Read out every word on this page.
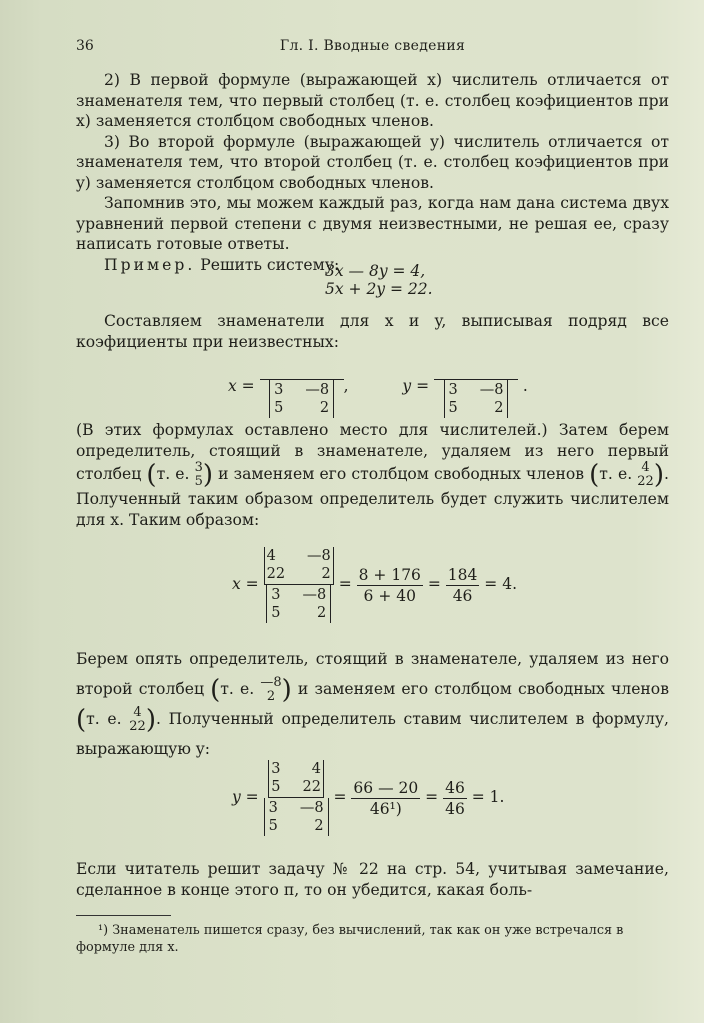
36	Гл. I. Вводные сведения

2) В первой формуле (выражающей x) числитель отличается от знаменателя тем, что первый столбец (т. е. столбец коэфициентов при x) заменяется столбцом свободных членов.

3) Во второй формуле (выражающей y) числитель отличается от знаменателя тем, что второй столбец (т. е. столбец коэфициентов при y) заменяется столбцом свободных членов.

Запомнив это, мы можем каждый раз, когда нам дана система двух уравнений первой степени с двумя неизвестными, не решая ее, сразу написать готовые ответы.

Пример. Решить систему:

3x — 8y = 4,
5x + 2y = 22.

Составляем знаменатели для x и y, выписывая подряд все коэфициенты при неизвестных:

x = 3 —8
5	2
,	y = 3 —8
5	2
.

(В этих формулах оставлено место для числителей.) Затем берем определитель, стоящий в знаменателе, удаляем из него первый столбец (т. е. 3
5 ) и заменяем его столбцом свободных членов (т. е. 4
22 ). Полученный таким образом определитель будет служить числителем для x. Таким образом:

x = 4	—8
22	2
3 —8
5	$2 = \frac{8 + 176}{6 + 40} = \frac{184}{46} = 4$.

Берем опять определитель, стоящий в знаменателе, удаляем из него второй столбец (т. е. —8
2 ) и заменяем его столбцом свободных членов (т. е. 4
22 ). Полученный определитель ставим числителем в формулу, выражающую y:

y = 3	4
5 22
3 —8
5	$2 = \frac{66 — 20}{\text{46¹)}} = \frac{46}{46} = 1$.

Если читатель решит задачу № 22 на стр. 54, учитывая замечание, сделанное в конце этого п, то он убедится, какая боль-

¹) Знаменатель пишется сразу, без вычислений, так как он уже встречался в формуле для x.
